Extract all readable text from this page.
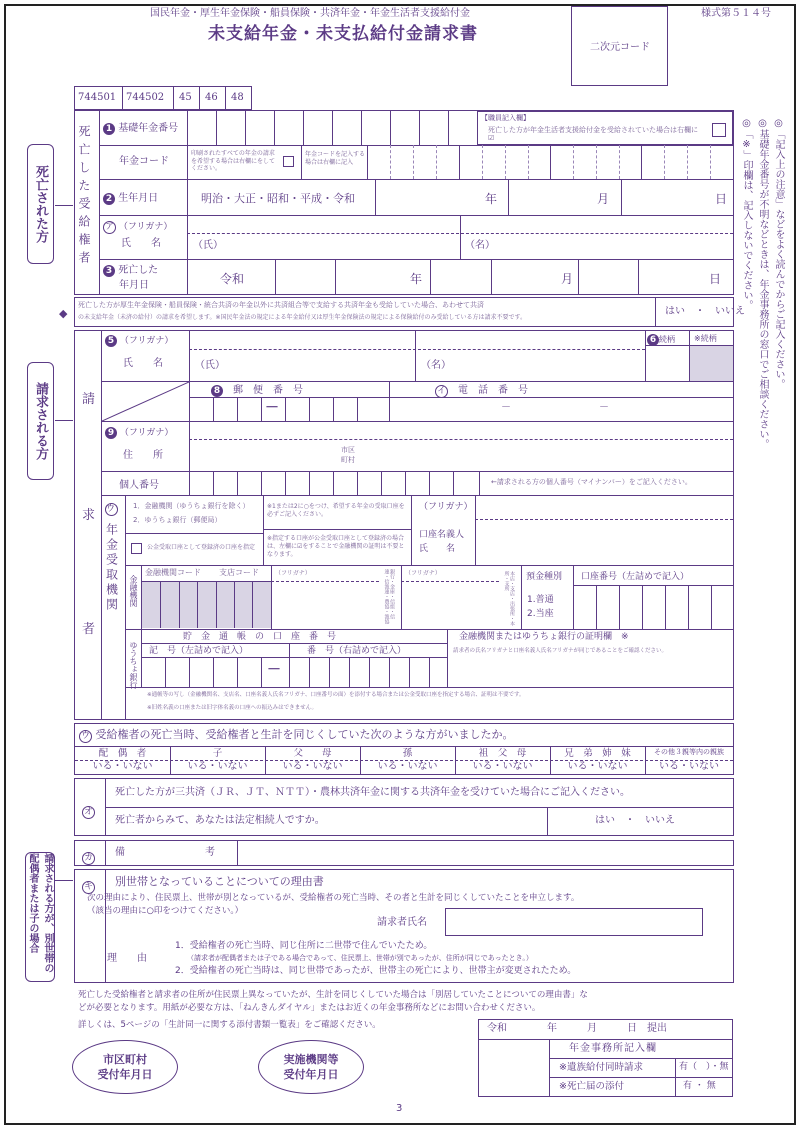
国民年金・厚生年金保険・船員保険・共済年金・年金生活者支援給付金
未支給年金・未支払給付金請求書
二次元コード
様式第５１４号
744501 744502 45 46 48
死亡された方
請求される方
請求される方が、別世帯の配偶者または子の場合
◎「記入上の注意」などをよく読んでからご記入ください。
◎基礎年金番号が不明などときは、年金事務所の窓口でご相談ください。
◎「※」印欄は、記入しないでください。
死亡した受給権者	1 基礎年金番号
【職員記入欄】
死亡した方が年金生活者支援給付金を受給されていた場合は右欄に☑
年金コード
印刷されたすべての年金の請求を希望する場合は右欄にをしてください。
年金コードを記入する場合は右欄に記入
2 生年月日	明治・大正・昭和・平成・令和	年	月	日
ア （フリガナ）
氏　　名	（氏）	（名）
3 死亡した
年月日	令和	年	月	日
◆
死亡した方が厚生年金保険・船員保険・統合共済の年金以外に共済組合等で支給する共済年金も受給していた場合、あわせて共済
の未支給年金（未済の給付）の請求を希望します。※国民年金法の規定による年金給付又は厚生年金保険法の規定による保険給付のみ受給している方は請求不要です。
はい　・　いいえ
請
求
者
5 （フリガナ）
氏　　名	（氏）	（名）
6 続柄 ※続柄
8　 郵　便　番　号
－
イ　 電　話　番　号
－	－
9 （フリガナ）
住　　所	市区
町村
個人番号	←請求される方の個人番号（マイナンバー）をご記入ください。
ウ 年金受取機関
1．金融機関（ゆうちょ銀行を除く）
2．ゆうちょ銀行（郵便局）
公金受取口座として登録済の口座を指定
※1または2に○をつけ、希望する年金の受取口座を必ずご記入ください。
※指定する口座が公金受取口座として登録済の場合は、左欄に☑をすることで金融機関の証明は不要となります。
（フリガナ）
口座名義人
氏　　名
金融機関
金融機関コード 支店コード	（フリガナ）	銀行・金庫・信組・信連・信漁連・農協・漁協	（フリガナ）	本店・支店・出張所・本所・支所	預金種別
1.普通　2.当座
口座番号（左詰めで記入）
ゆうちょ銀行
貯　金　通　帳　の　口　座　番　号
記　号（左詰めで記入）	番　号（右詰めで記入）
－
金融機関またはゆうちょ銀行の証明欄　※
請求者の氏名フリガナと口座名義人氏名フリガナが同じであることをご確認ください。
※通帳等の写し（金融機関名、支店名、口座名義人氏名フリガナ、口座番号の面）を添付する場合または公金受取口座を指定する場合、証明は不要です。
※旧姓名義の口座または旧字体名義の口座への振込みはできません。
ウ 受給権者の死亡当時、受給権者と生計を同じくしていた次のような方がいましたか。
配　偶　者
いる・いない
子
いる・いない
父　　母
いる・いない
孫
いる・いない
祖　父　母
いる・いない
兄　弟　姉　妹
いる・いない
その他３親等内の親族
いる・いない
オ
死亡した方が三共済（ＪＲ、ＪＴ、ＮＴＴ）・農林共済年金に関する共済年金を受けていた場合にご記入ください。
死亡者からみて、あなたは法定相続人ですか。	はい　・　いいえ
カ 備　　　　　　　　考
キ 別世帯となっていることについての理由書
次の理由により、住民票上、世帯が別となっているが、受給権者の死亡当時、その者と生計を同じくしていたことを申立します。
（該当の理由に○印をつけてください。）
請求者氏名
理　　由
1．受給権者の死亡当時、同じ住所に二世帯で住んでいたため。
（請求者が配偶者または子である場合であって、住民票上、世帯が別であったが、住所が同じであったとき。）
2．受給権者の死亡当時は、同じ世帯であったが、世帯主の死亡により、世帯主が変更されたため。
死亡した受給権者と請求者の住所が住民票上異なっていたが、生計を同じくしていた場合は「別居していたことについての理由書」な
どが必要となります。用紙が必要な方は、「ねんきんダイヤル」またはお近くの年金事務所などにお問い合わせください。
詳しくは、5ページの「生計同一に関する添付書類一覧表」をご確認ください。	令和　　　　年　　　月　　　日　提出
年金事務所記入欄
※遺族給付同時請求	有（　）・無
※死亡届の添付	有 ・ 無
市区町村
受付年月日
実施機関等
受付年月日
3
